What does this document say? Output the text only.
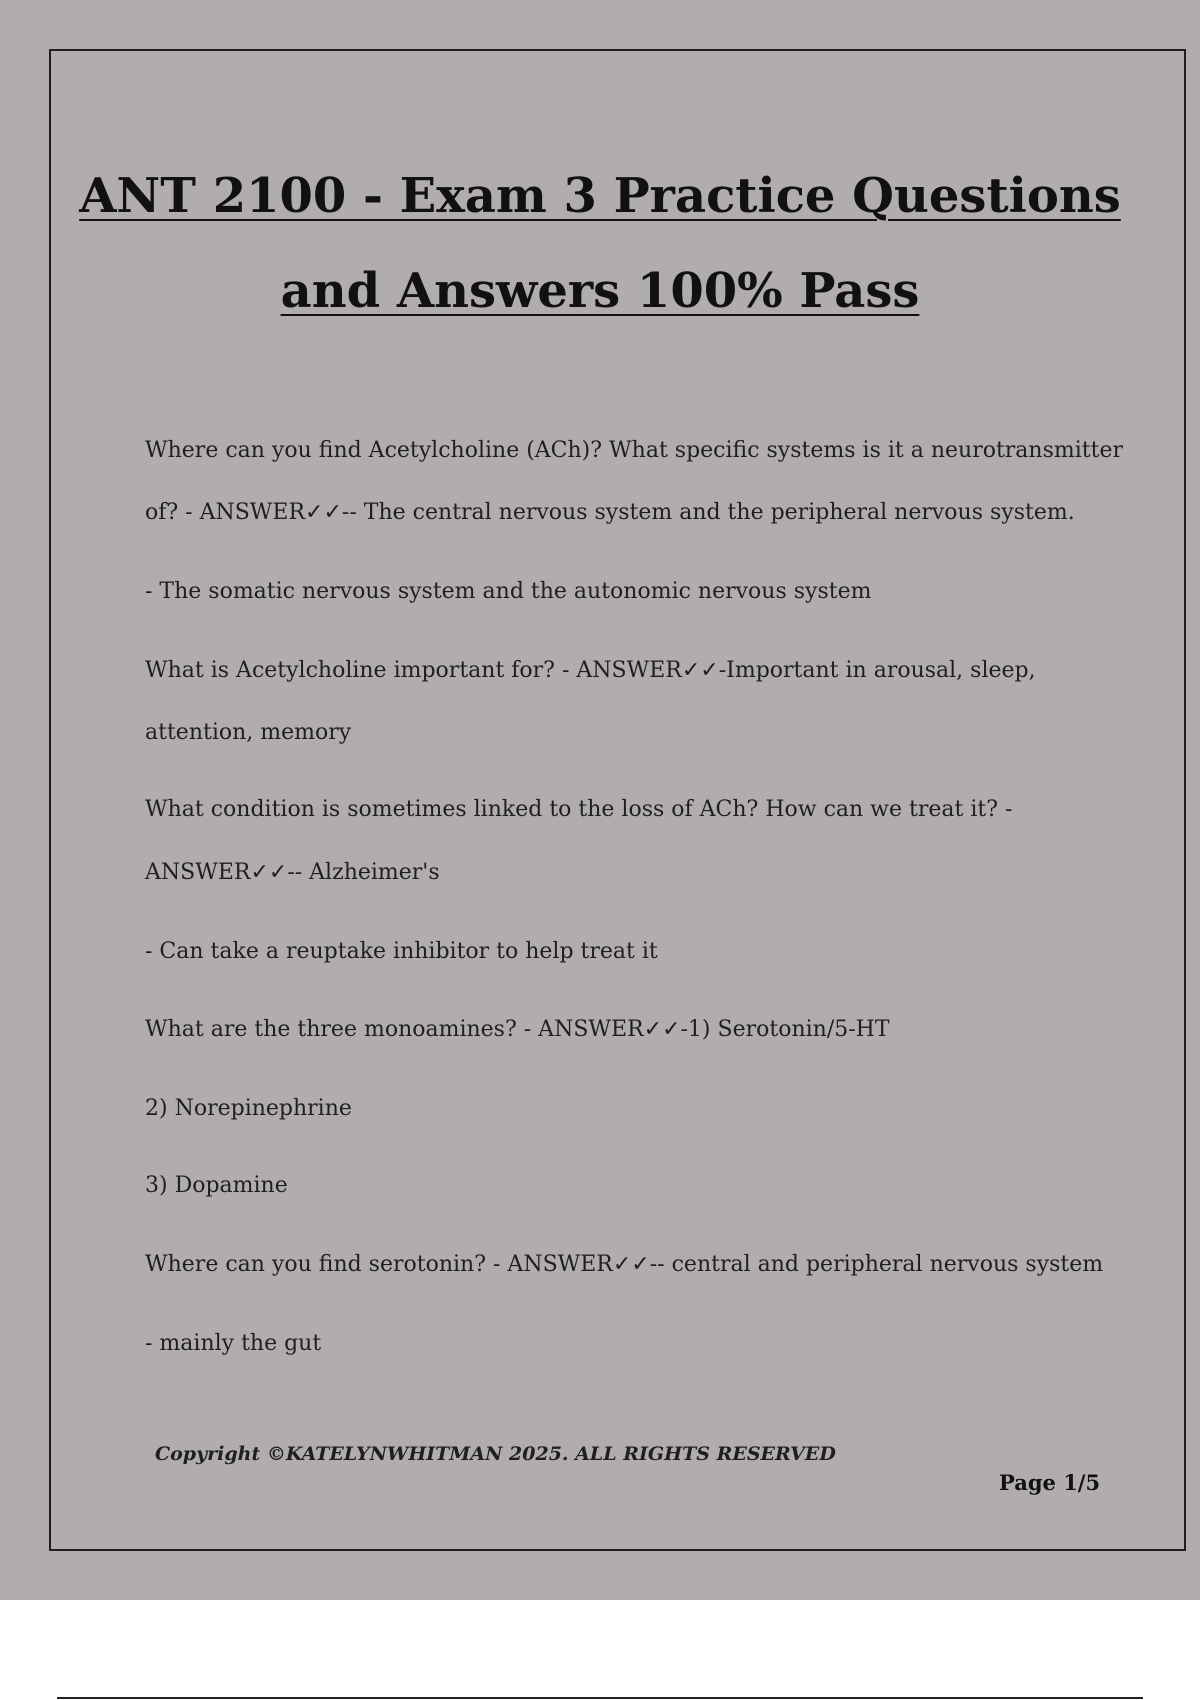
ANT 2100 - Exam 3 Practice Questions
and Answers 100% Pass
Where can you find Acetylcholine (ACh)? What specific systems is it a neurotransmitter
of? - ANSWER✓✓-- The central nervous system and the peripheral nervous system.
- The somatic nervous system and the autonomic nervous system
What is Acetylcholine important for? - ANSWER✓✓-Important in arousal, sleep,
attention, memory
What condition is sometimes linked to the loss of ACh? How can we treat it? -
ANSWER✓✓-- Alzheimer's
- Can take a reuptake inhibitor to help treat it
What are the three monoamines? - ANSWER✓✓-1) Serotonin/5-HT
2) Norepinephrine
3) Dopamine
Where can you find serotonin? - ANSWER✓✓-- central and peripheral nervous system
- mainly the gut
Copyright ©KATELYNWHITMAN 2025. ALL RIGHTS RESERVED
Page 1/5
